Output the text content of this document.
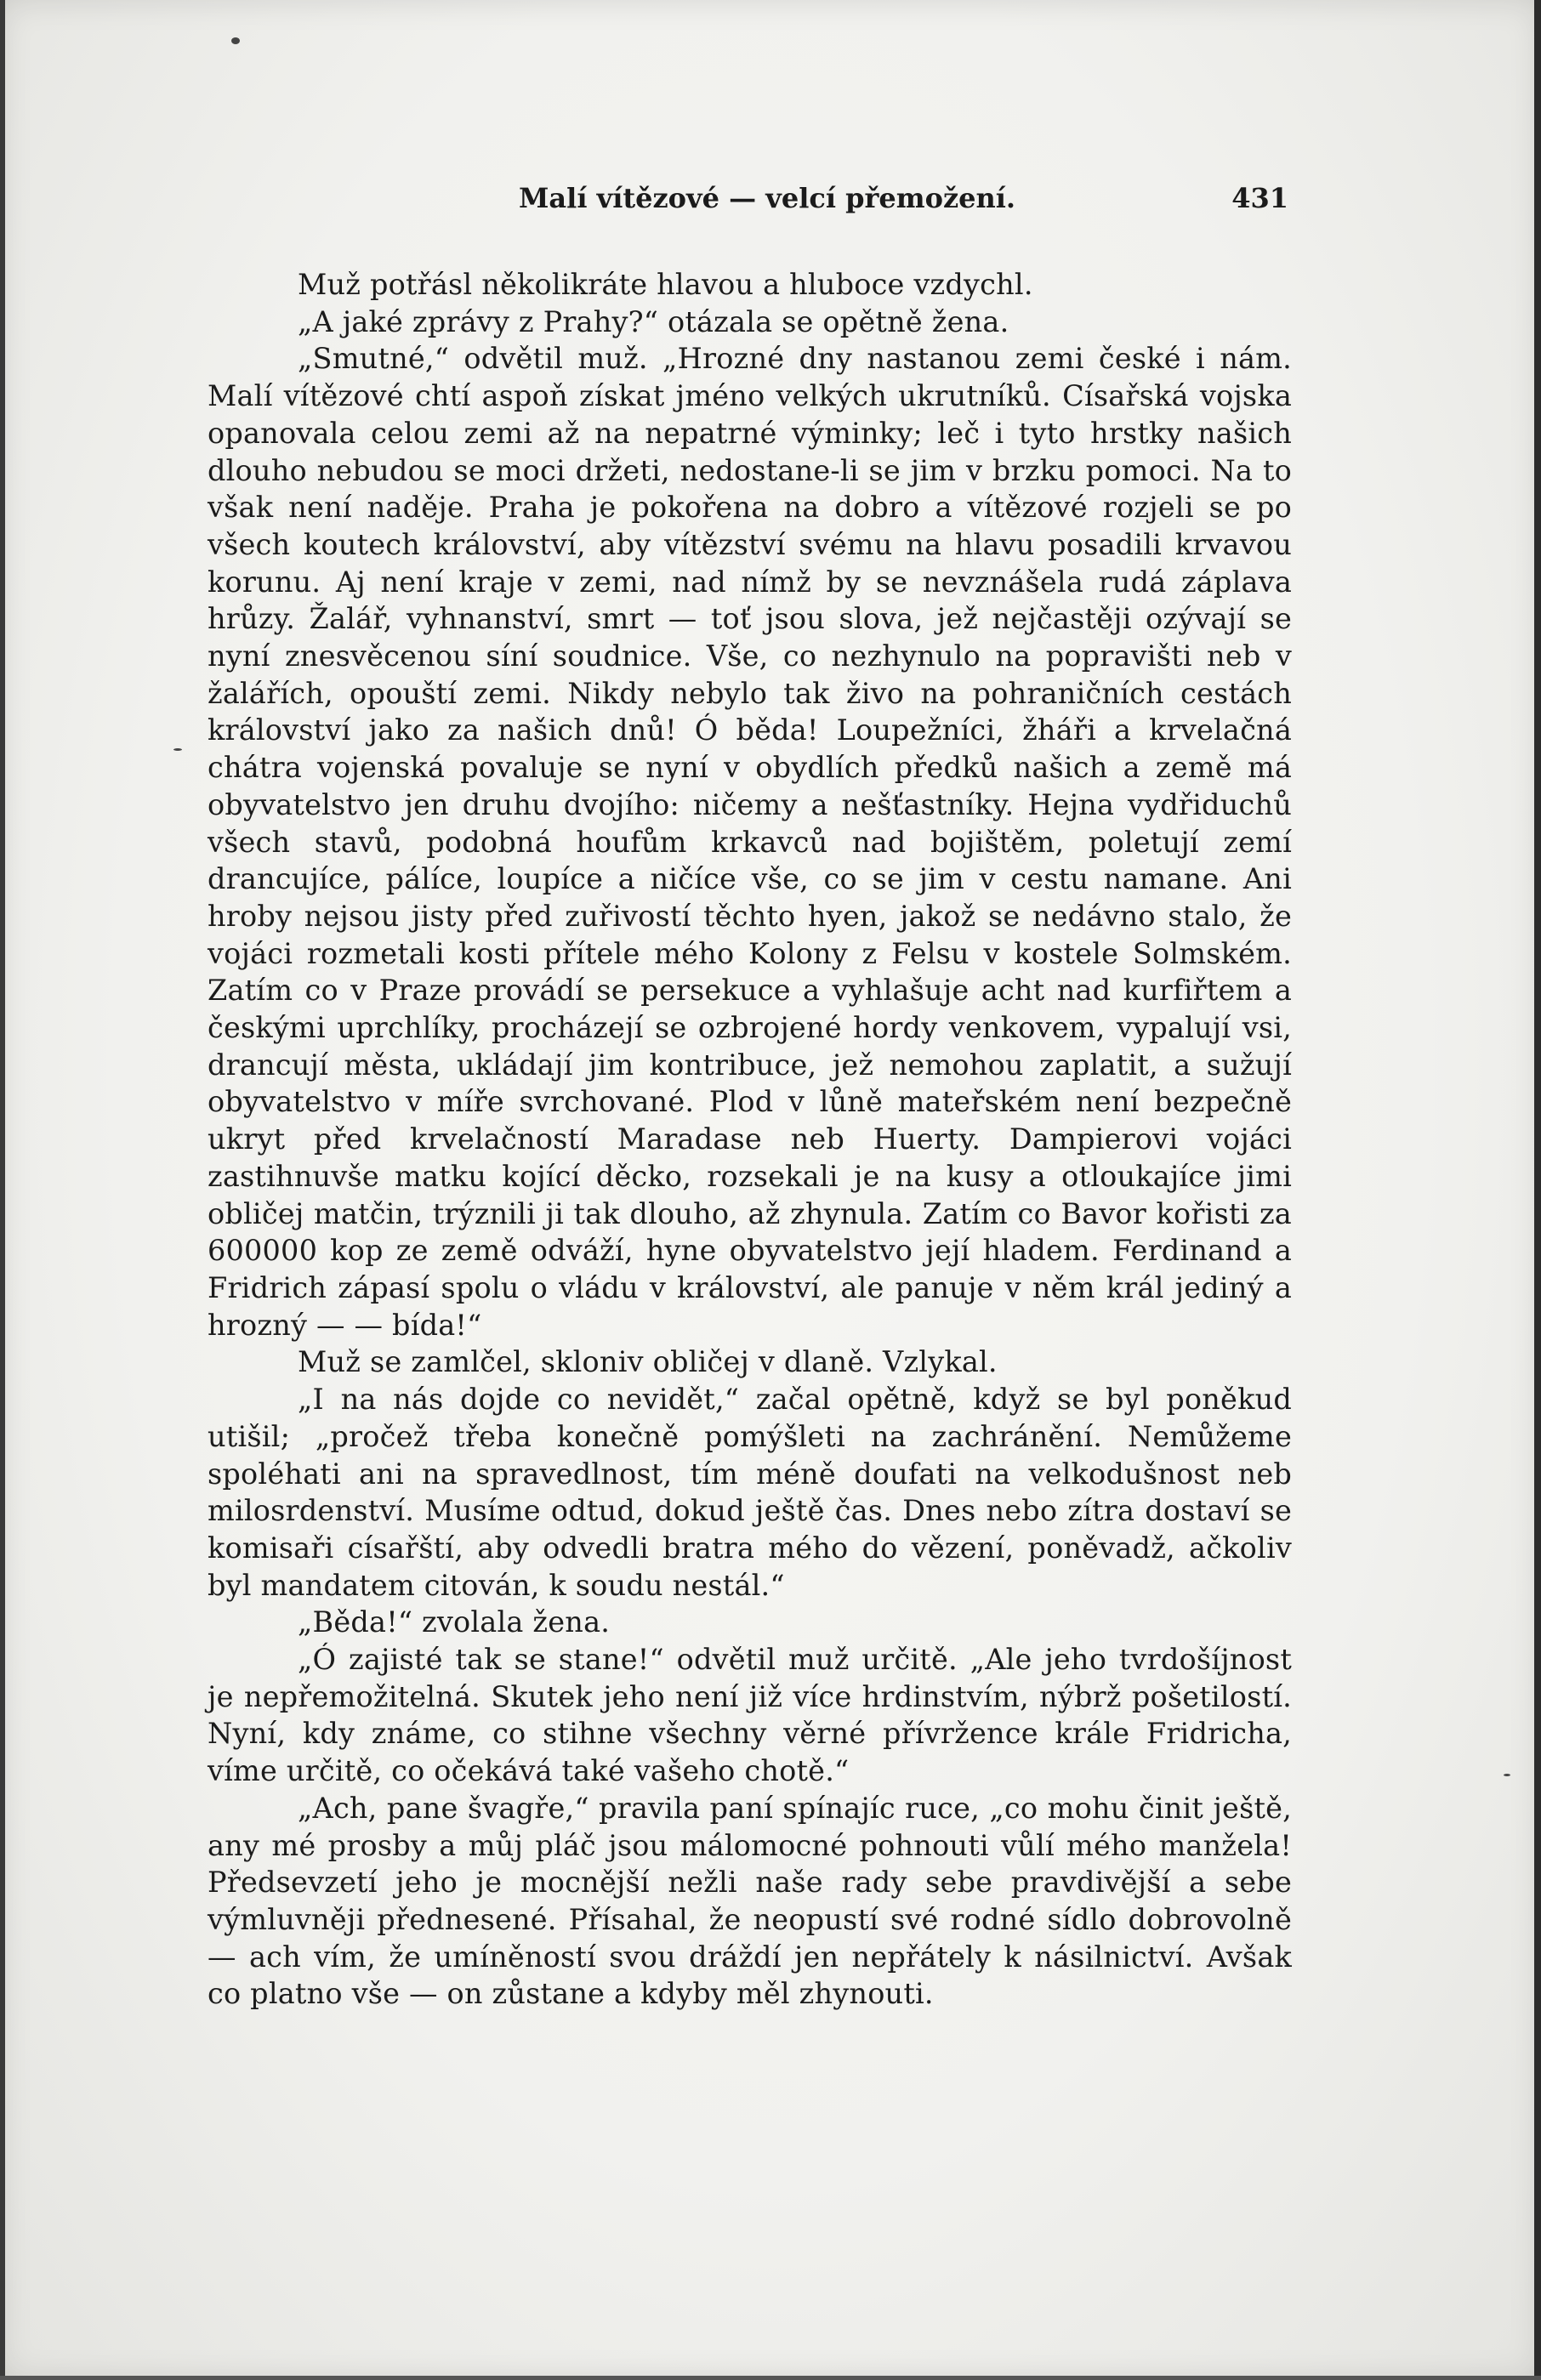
Malí vítězové — velcí přemožení.	431

Muž potřásl několikráte hlavou a hluboce vzdychl.

„A jaké zprávy z Prahy?“ otázala se opětně žena.

„Smutné,“ odvětil muž. „Hrozné dny nastanou zemi české i nám. Malí vítězové chtí aspoň získat jméno velkých ukrutníků. Císařská vojska opanovala celou zemi až na nepatrné výminky; leč i tyto hrstky našich dlouho nebudou se moci držeti, nedostane-li se jim v brzku pomoci. Na to však není naděje. Praha je pokořena na dobro a vítězové rozjeli se po všech koutech království, aby vítězství svému na hlavu posadili krvavou korunu. Aj není kraje v zemi, nad nímž by se nevznášela rudá záplava hrůzy. Žalář, vyhnanství, smrt — toť jsou slova, jež nejčastěji ozývají se nyní znesvěcenou síní soudnice. Vše, co nezhynulo na popravišti neb v žalářích, opouští zemi. Nikdy nebylo tak živo na pohraničních cestách království jako za našich dnů! Ó běda! Loupežníci, žháři a krvelačná chátra vojenská povaluje se nyní v obydlích předků našich a země má obyvatelstvo jen druhu dvojího: ničemy a nešťastníky. Hejna vydřiduchů všech stavů, podobná houfům krkavců nad bojištěm, poletují zemí drancujíce, pálíce, loupíce a ničíce vše, co se jim v cestu namane. Ani hroby nejsou jisty před zuřivostí těchto hyen, jakož se nedávno stalo, že vojáci rozmetali kosti přítele mého Kolony z Felsu v kostele Solmském. Zatím co v Praze provádí se persekuce a vyhlašuje acht nad kurfiřtem a českými uprchlíky, procházejí se ozbrojené hordy venkovem, vypalují vsi, drancují města, ukládají jim kontribuce, jež nemohou zaplatit, a sužují obyvatelstvo v míře svrchované. Plod v lůně mateřském není bezpečně ukryt před krvelačností Maradase neb Huerty. Dampierovi vojáci zastihnuvše matku kojící děcko, rozsekali je na kusy a otloukajíce jimi obličej matčin, trýznili ji tak dlouho, až zhynula. Zatím co Bavor kořisti za 600000 kop ze země odváží, hyne obyvatelstvo její hladem. Ferdinand a Fridrich zápasí spolu o vládu v království, ale panuje v něm král jediný a hrozný — — bída!“

Muž se zamlčel, skloniv obličej v dlaně. Vzlykal.

„I na nás dojde co nevidět,“ začal opětně, když se byl poněkud utišil; „pročež třeba konečně pomýšleti na zachránění. Nemůžeme spoléhati ani na spravedlnost, tím méně doufati na velkodušnost neb milosrdenství. Musíme odtud, dokud ještě čas. Dnes nebo zítra dostaví se komisaři císařští, aby odvedli bratra mého do vězení, poněvadž, ačkoliv byl mandatem citován, k soudu nestál.“

„Běda!“ zvolala žena.

„Ó zajisté tak se stane!“ odvětil muž určitě. „Ale jeho tvrdošíjnost je nepřemožitelná. Skutek jeho není již více hrdinstvím, nýbrž pošetilostí. Nyní, kdy známe, co stihne všechny věrné přívržence krále Fridricha, víme určitě, co očekává také vašeho chotě.“

„Ach, pane švagře,“ pravila paní spínajíc ruce, „co mohu činit ještě, any mé prosby a můj pláč jsou málomocné pohnouti vůlí mého manžela! Předsevzetí jeho je mocnější nežli naše rady sebe pravdivější a sebe výmluvněji přednesené. Přísahal, že neopustí své rodné sídlo dobrovolně — ach vím, že umíněností svou dráždí jen nepřátely k násilnictví. Avšak co platno vše — on zůstane a kdyby měl zhynouti.
